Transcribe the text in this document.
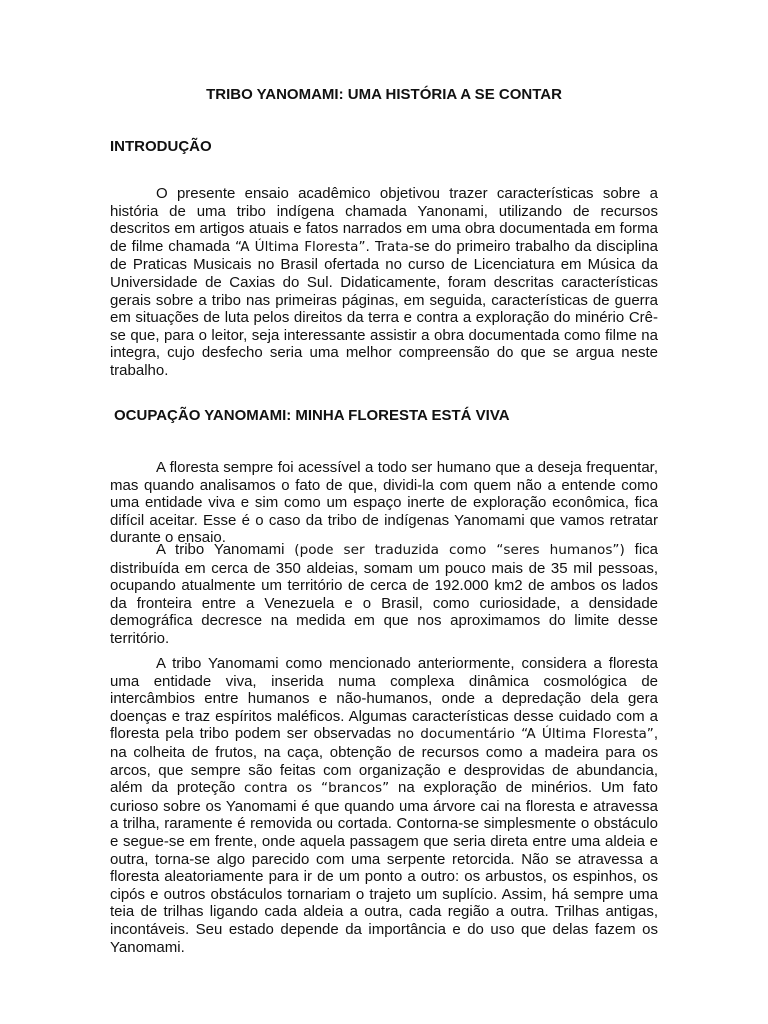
TRIBO YANOMAMI: UMA HISTÓRIA A SE CONTAR
INTRODUÇÃO

O presente ensaio acadêmico objetivou trazer características sobre a história de uma tribo indígena chamada Yanonami, utilizando de recursos descritos em artigos atuais e fatos narrados em uma obra documentada em forma de filme chamada “A Última Floresta”. Trata-se do primeiro trabalho da disciplina de Praticas Musicais no Brasil ofertada no curso de Licenciatura em Música da Universidade de Caxias do Sul. Didaticamente, foram descritas características gerais sobre a tribo nas primeiras páginas, em seguida, características de guerra em situações de luta pelos direitos da terra e contra a exploração do minério Crê-se que, para o leitor, seja interessante assistir a obra documentada como filme na integra, cujo desfecho seria uma melhor compreensão do que se argua neste trabalho.

OCUPAÇÃO YANOMAMI: MINHA FLORESTA ESTÁ VIVA

A floresta sempre foi acessível a todo ser humano que a deseja frequentar, mas quando analisamos o fato de que, dividi-la com quem não a entende como uma entidade viva e sim como um espaço inerte de exploração econômica, fica difícil aceitar. Esse é o caso da tribo de indígenas Yanomami que vamos retratar durante o ensaio.

A tribo Yanomami (pode ser traduzida como “seres humanos”) fica distribuída em cerca de 350 aldeias, somam um pouco mais de 35 mil pessoas, ocupando atualmente um território de cerca de 192.000 km2 de ambos os lados da fronteira entre a Venezuela e o Brasil, como curiosidade, a densidade demográfica decresce na medida em que nos aproximamos do limite desse território.

A tribo Yanomami como mencionado anteriormente, considera a floresta uma entidade viva, inserida numa complexa dinâmica cosmológica de intercâmbios entre humanos e não-humanos, onde a depredação dela gera doenças e traz espíritos maléficos. Algumas características desse cuidado com a floresta pela tribo podem ser observadas no documentário “A Última Floresta”, na colheita de frutos, na caça, obtenção de recursos como a madeira para os arcos, que sempre são feitas com organização e desprovidas de abundancia, além da proteção contra os “brancos” na exploração de minérios. Um fato curioso sobre os Yanomami é que quando uma árvore cai na floresta e atravessa a trilha, raramente é removida ou cortada. Contorna-se simplesmente o obstáculo e segue-se em frente, onde aquela passagem que seria direta entre uma aldeia e outra, torna-se algo parecido com uma serpente retorcida. Não se atravessa a floresta aleatoriamente para ir de um ponto a outro: os arbustos, os espinhos, os cipós e outros obstáculos tornariam o trajeto um suplício. Assim, há sempre uma teia de trilhas ligando cada aldeia a outra, cada região a outra. Trilhas antigas, incontáveis. Seu estado depende da importância e do uso que delas fazem os Yanomami.
